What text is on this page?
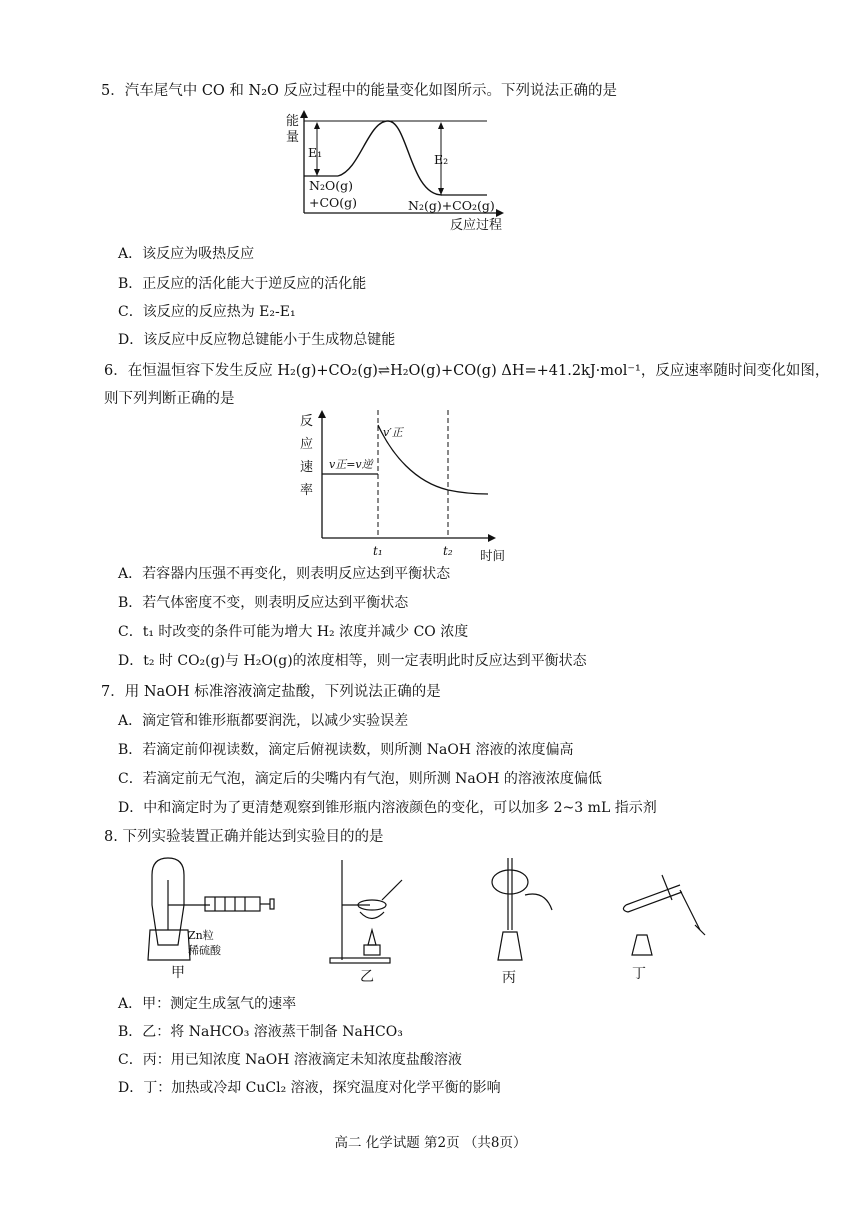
5．汽车尾气中 CO 和 N₂O 反应过程中的能量变化如图所示。下列说法正确的是
能
量
E₁	E₂
N₂O(g)
+CO(g)	N₂(g)+CO₂(g)
反应过程
A．该反应为吸热反应
B．正反应的活化能大于逆反应的活化能
C．该反应的反应热为 E₂-E₁
D．该反应中反应物总键能小于生成物总键能
6．在恒温恒容下发生反应 H₂(g)+CO₂(g)⇌H₂O(g)+CO(g) ΔH=+41.2kJ·mol⁻¹，反应速率随时间变化如图，
则下列判断正确的是
反
应
速
率
v正=v逆
v′正
t₁	t₂ 时间
A．若容器内压强不再变化，则表明反应达到平衡状态
B．若气体密度不变，则表明反应达到平衡状态
C．t₁ 时改变的条件可能为增大 H₂ 浓度并减少 CO 浓度
D．t₂ 时 CO₂(g)与 H₂O(g)的浓度相等，则一定表明此时反应达到平衡状态
7．用 NaOH 标准溶液滴定盐酸，下列说法正确的是
A．滴定管和锥形瓶都要润洗，以减少实验误差
B．若滴定前仰视读数，滴定后俯视读数，则所测 NaOH 溶液的浓度偏高
C．若滴定前无气泡，滴定后的尖嘴内有气泡，则所测 NaOH 的溶液浓度偏低
D．中和滴定时为了更清楚观察到锥形瓶内溶液颜色的变化，可以加多 2~3 mL 指示剂
8. 下列实验装置正确并能达到实验目的的是
Zn粒
稀硫酸
甲	乙	丙	丁
A．甲：测定生成氢气的速率
B．乙：将 NaHCO₃ 溶液蒸干制备 NaHCO₃
C．丙：用已知浓度 NaOH 溶液滴定未知浓度盐酸溶液
D．丁：加热或冷却 CuCl₂ 溶液，探究温度对化学平衡的影响
高二 化学试题 第2页 （共8页）
